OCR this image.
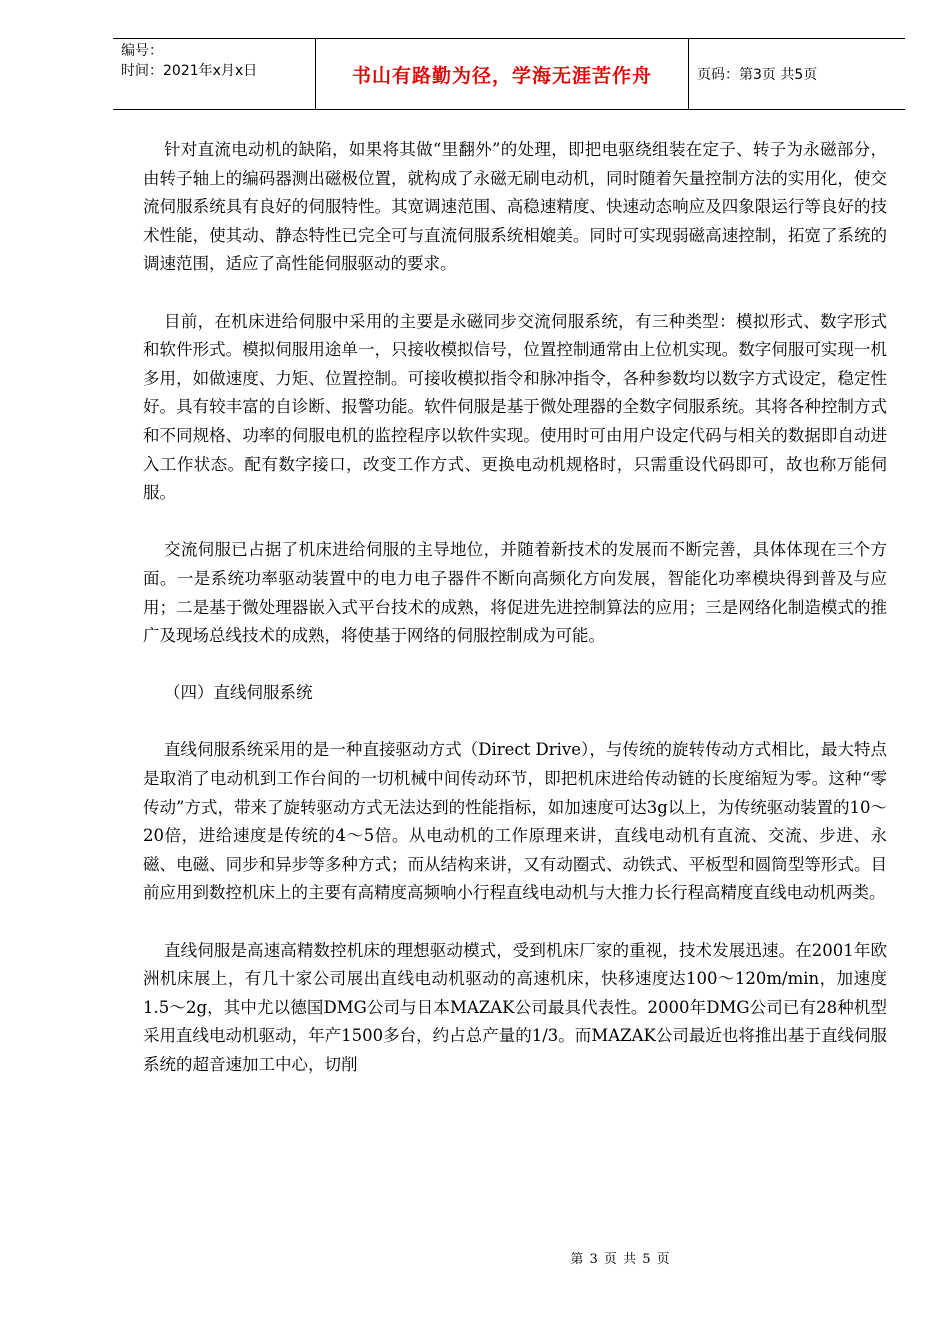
编号：
时间：2021年x月x日	书山有路勤为径，学海无涯苦作舟	页码：第3页 共5页

针对直流电动机的缺陷，如果将其做“里翻外”的处理，即把电驱绕组装在定子、转子为永磁部分，由转子轴上的编码器测出磁极位置，就构成了永磁无刷电动机，同时随着矢量控制方法的实用化，使交流伺服系统具有良好的伺服特性。其宽调速范围、高稳速精度、快速动态响应及四象限运行等良好的技术性能，使其动、静态特性已完全可与直流伺服系统相媲美。同时可实现弱磁高速控制，拓宽了系统的调速范围，适应了高性能伺服驱动的要求。

目前，在机床进给伺服中采用的主要是永磁同步交流伺服系统，有三种类型：模拟形式、数字形式和软件形式。模拟伺服用途单一，只接收模拟信号，位置控制通常由上位机实现。数字伺服可实现一机多用，如做速度、力矩、位置控制。可接收模拟指令和脉冲指令，各种参数均以数字方式设定，稳定性好。具有较丰富的自诊断、报警功能。软件伺服是基于微处理器的全数字伺服系统。其将各种控制方式和不同规格、功率的伺服电机的监控程序以软件实现。使用时可由用户设定代码与相关的数据即自动进入工作状态。配有数字接口，改变工作方式、更换电动机规格时，只需重设代码即可，故也称万能伺服。

交流伺服已占据了机床进给伺服的主导地位，并随着新技术的发展而不断完善，具体体现在三个方面。一是系统功率驱动装置中的电力电子器件不断向高频化方向发展，智能化功率模块得到普及与应用；二是基于微处理器嵌入式平台技术的成熟，将促进先进控制算法的应用；三是网络化制造模式的推广及现场总线技术的成熟，将使基于网络的伺服控制成为可能。

（四）直线伺服系统

直线伺服系统采用的是一种直接驱动方式（Direct Drive），与传统的旋转传动方式相比，最大特点是取消了电动机到工作台间的一切机械中间传动环节，即把机床进给传动链的长度缩短为零。这种“零传动”方式，带来了旋转驱动方式无法达到的性能指标，如加速度可达3g以上，为传统驱动装置的10～20倍，进给速度是传统的4～5倍。从电动机的工作原理来讲，直线电动机有直流、交流、步进、永磁、电磁、同步和异步等多种方式；而从结构来讲，又有动圈式、动铁式、平板型和圆筒型等形式。目前应用到数控机床上的主要有高精度高频响小行程直线电动机与大推力长行程高精度直线电动机两类。

直线伺服是高速高精数控机床的理想驱动模式，受到机床厂家的重视，技术发展迅速。在2001年欧洲机床展上，有几十家公司展出直线电动机驱动的高速机床，快移速度达100～120m/min，加速度1.5～2g，其中尤以德国DMG公司与日本MAZAK公司最具代表性。2000年DMG公司已有28种机型采用直线电动机驱动，年产1500多台，约占总产量的1/3。而MAZAK公司最近也将推出基于直线伺服系统的超音速加工中心，切削

第 3 页 共 5 页
